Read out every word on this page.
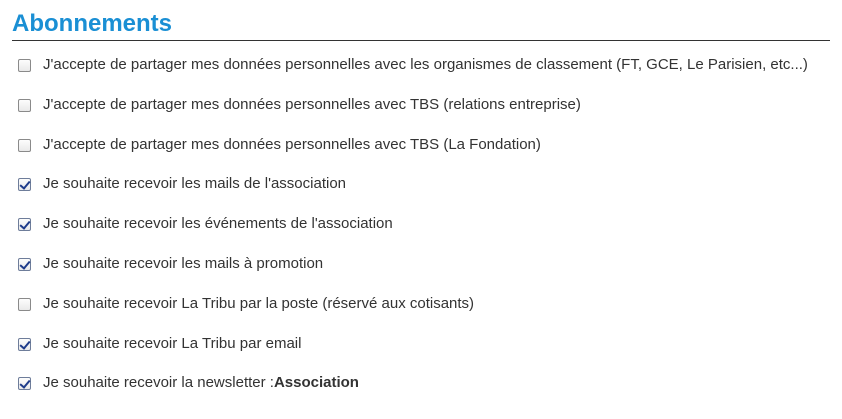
Abonnements
J'accepte de partager mes données personnelles avec les organismes de classement (FT, GCE, Le Parisien, etc...)
J'accepte de partager mes données personnelles avec TBS (relations entreprise)
J'accepte de partager mes données personnelles avec TBS (La Fondation)
Je souhaite recevoir les mails de l'association
Je souhaite recevoir les événements de l'association
Je souhaite recevoir les mails à promotion
Je souhaite recevoir La Tribu par la poste (réservé aux cotisants)
Je souhaite recevoir La Tribu par email
Je souhaite recevoir la newsletter : Association
